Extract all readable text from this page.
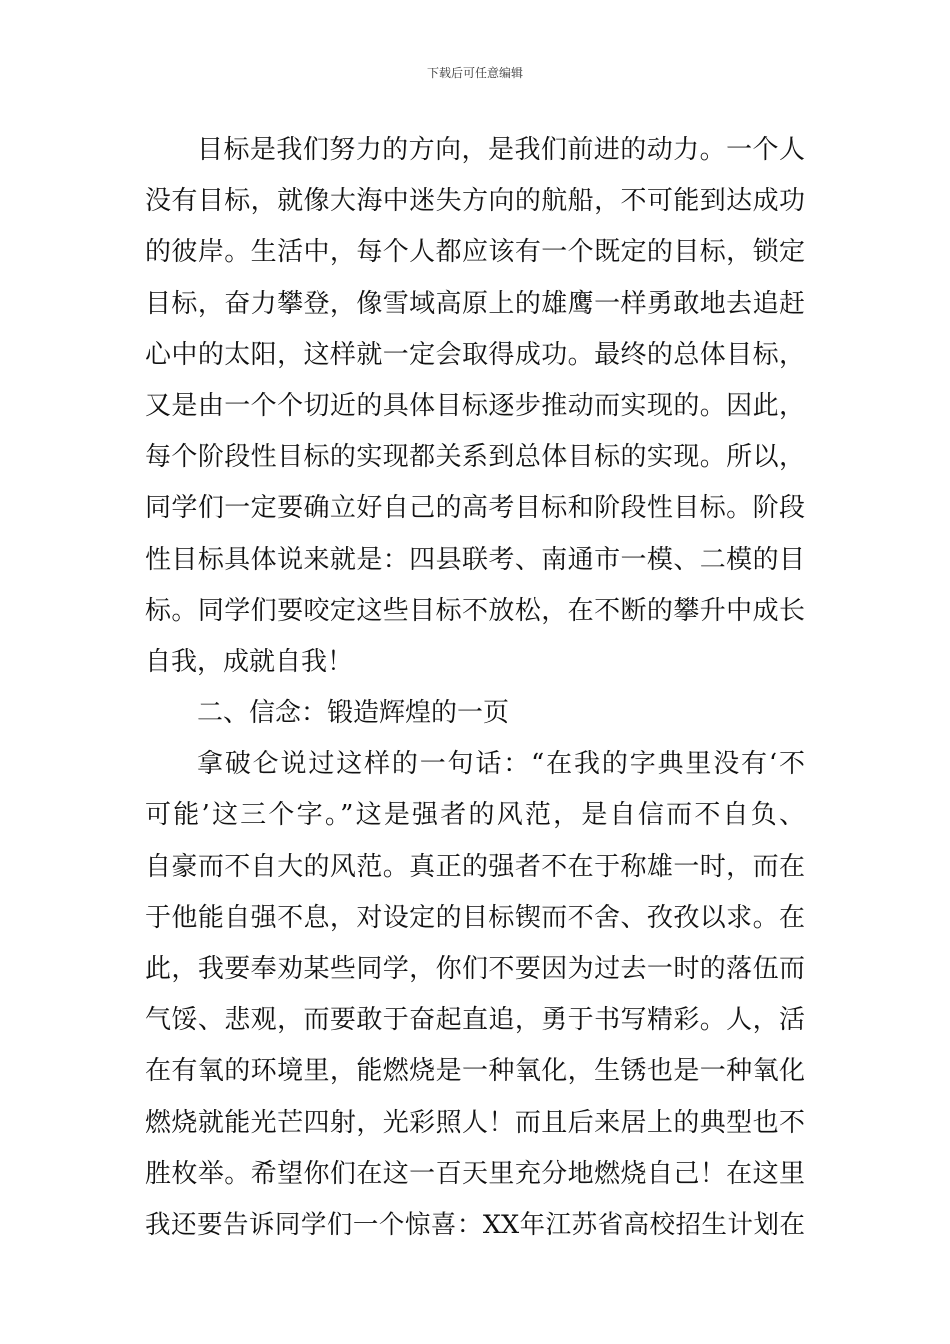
下载后可任意编辑
目标是我们努力的方向，是我们前进的动力。一个人
没有目标，就像大海中迷失方向的航船，不可能到达成功
的彼岸。生活中，每个人都应该有一个既定的目标，锁定
目标，奋力攀登，像雪域高原上的雄鹰一样勇敢地去追赶
心中的太阳，这样就一定会取得成功。最终的总体目标，
又是由一个个切近的具体目标逐步推动而实现的。因此，
每个阶段性目标的实现都关系到总体目标的实现。所以，
同学们一定要确立好自己的高考目标和阶段性目标。阶段
性目标具体说来就是：四县联考、南通市一模、二模的目
标。同学们要咬定这些目标不放松，在不断的攀升中成长
自我，成就自我！
二、信念：锻造辉煌的一页
拿破仑说过这样的一句话：“在我的字典里没有‘不
可能’这三个字。”这是强者的风范，是自信而不自负、
自豪而不自大的风范。真正的强者不在于称雄一时，而在
于他能自强不息，对设定的目标锲而不舍、孜孜以求。在
此，我要奉劝某些同学，你们不要因为过去一时的落伍而
气馁、悲观，而要敢于奋起直追，勇于书写精彩。人，活
在有氧的环境里，能燃烧是一种氧化，生锈也是一种氧化
燃烧就能光芒四射，光彩照人！而且后来居上的典型也不
胜枚举。希望你们在这一百天里充分地燃烧自己！在这里
我还要告诉同学们一个惊喜：XX年江苏省高校招生计划在
